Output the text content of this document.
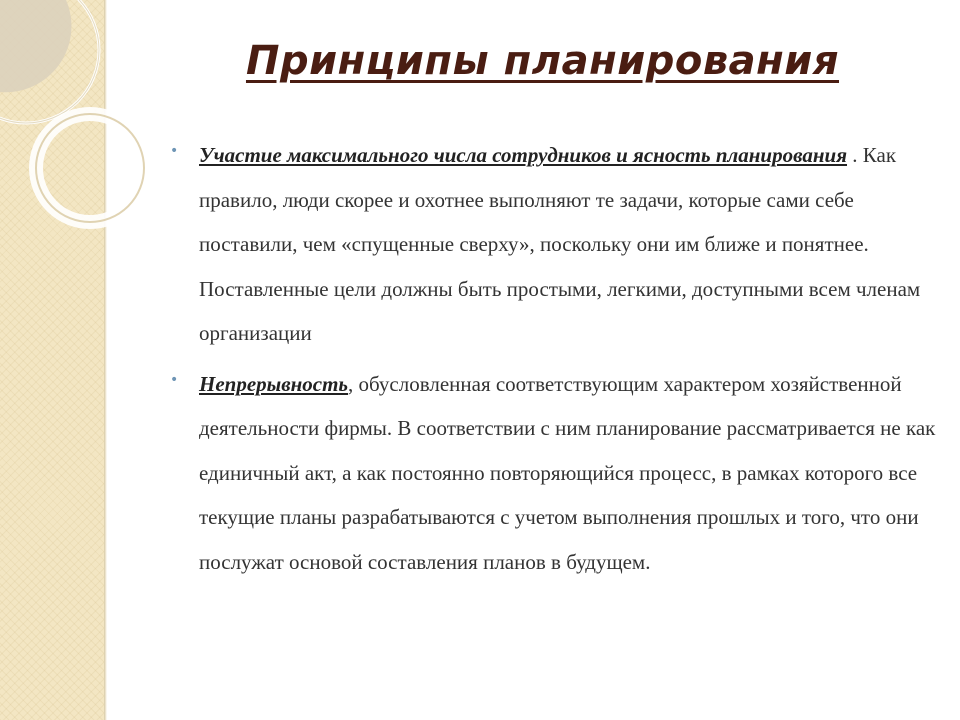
Принципы планирования

• Участие максимального числа сотрудников и ясность планирования . Как правило, люди скорее и охотнее выполняют те задачи, которые сами себе поставили, чем «спущенные сверху», поскольку они им ближе и понятнее. Поставленные цели должны быть простыми, легкими, доступными всем членам организации

• Непрерывность, обусловленная соответствующим характером хозяйственной деятельности фирмы. В соответствии с ним планирование рассматривается не как единичный акт, а как постоянно повторяющийся процесс, в рамках которого все текущие планы разрабатываются с учетом выполнения прошлых и того, что они послужат основой составления планов в будущем.
